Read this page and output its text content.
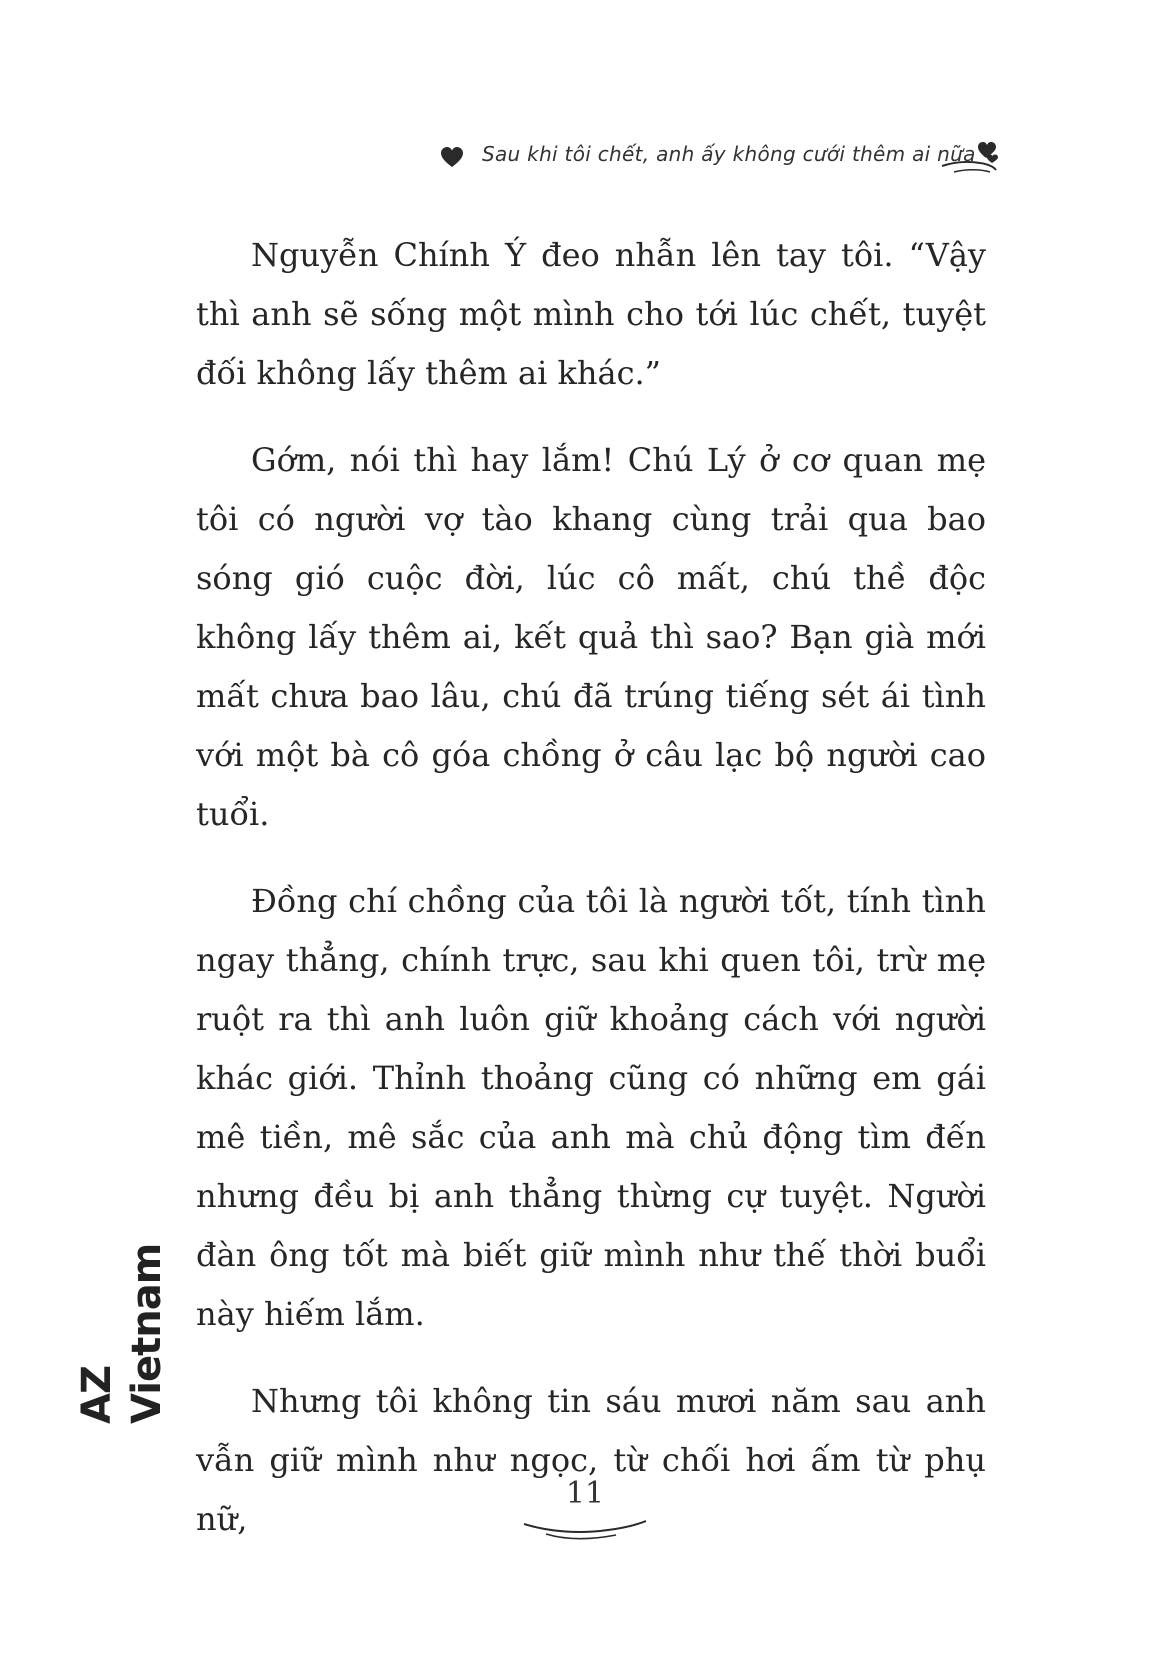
Sau khi tôi chết, anh ấy không cưới thêm ai nữa

Nguyễn Chính Ý đeo nhẫn lên tay tôi. “Vậy thì anh sẽ sống một mình cho tới lúc chết, tuyệt đối không lấy thêm ai khác.”

Gớm, nói thì hay lắm! Chú Lý ở cơ quan mẹ tôi có người vợ tào khang cùng trải qua bao sóng gió cuộc đời, lúc cô mất, chú thề độc không lấy thêm ai, kết quả thì sao? Bạn già mới mất chưa bao lâu, chú đã trúng tiếng sét ái tình với một bà cô góa chồng ở câu lạc bộ người cao tuổi.

Đồng chí chồng của tôi là người tốt, tính tình ngay thẳng, chính trực, sau khi quen tôi, trừ mẹ ruột ra thì anh luôn giữ khoảng cách với người khác giới. Thỉnh thoảng cũng có những em gái mê tiền, mê sắc của anh mà chủ động tìm đến nhưng đều bị anh thẳng thừng cự tuyệt. Người đàn ông tốt mà biết giữ mình như thế thời buổi này hiếm lắm.

Nhưng tôi không tin sáu mươi năm sau anh vẫn giữ mình như ngọc, từ chối hơi ấm từ phụ nữ,

AZ Vietnam
11
